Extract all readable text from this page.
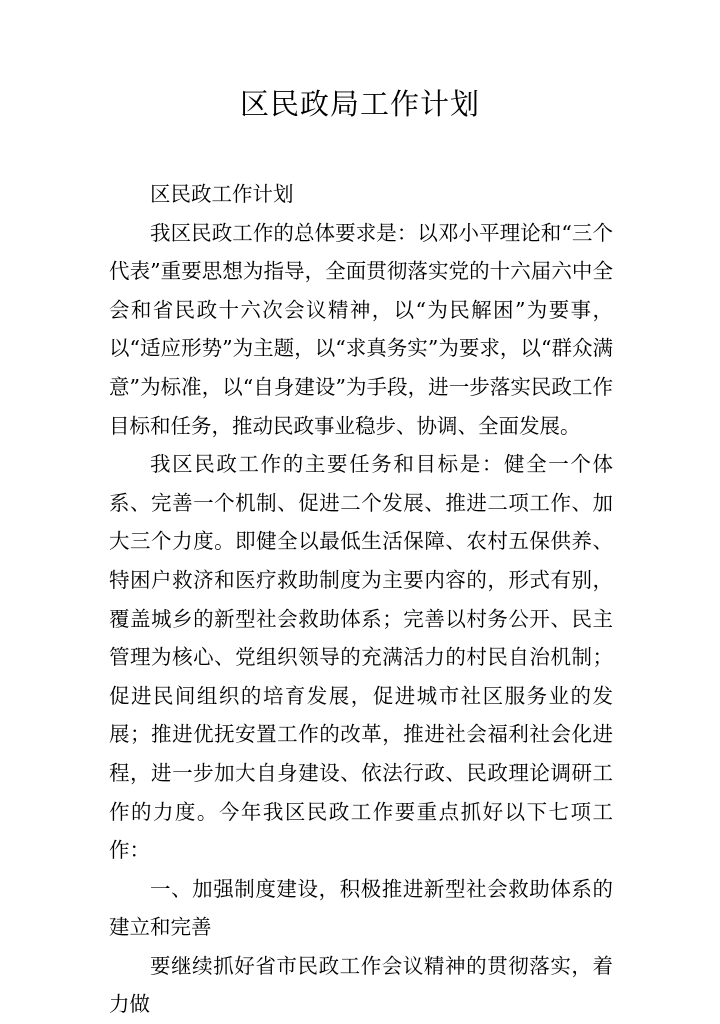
区民政局工作计划

区民政工作计划

我区民政工作的总体要求是：以邓小平理论和“三个代表”重要思想为指导，全面贯彻落实党的十六届六中全会和省民政十六次会议精神，以“为民解困”为要事，以“适应形势”为主题，以“求真务实”为要求，以“群众满意”为标准，以“自身建设”为手段，进一步落实民政工作目标和任务，推动民政事业稳步、协调、全面发展。

我区民政工作的主要任务和目标是：健全一个体系、完善一个机制、促进二个发展、推进二项工作、加大三个力度。即健全以最低生活保障、农村五保供养、特困户救济和医疗救助制度为主要内容的，形式有别，覆盖城乡的新型社会救助体系；完善以村务公开、民主管理为核心、党组织领导的充满活力的村民自治机制；促进民间组织的培育发展，促进城市社区服务业的发展；推进优抚安置工作的改革，推进社会福利社会化进程，进一步加大自身建设、依法行政、民政理论调研工作的力度。今年我区民政工作要重点抓好以下七项工作：

一、加强制度建设，积极推进新型社会救助体系的建立和完善

要继续抓好省市民政工作会议精神的贯彻落实，着力做
